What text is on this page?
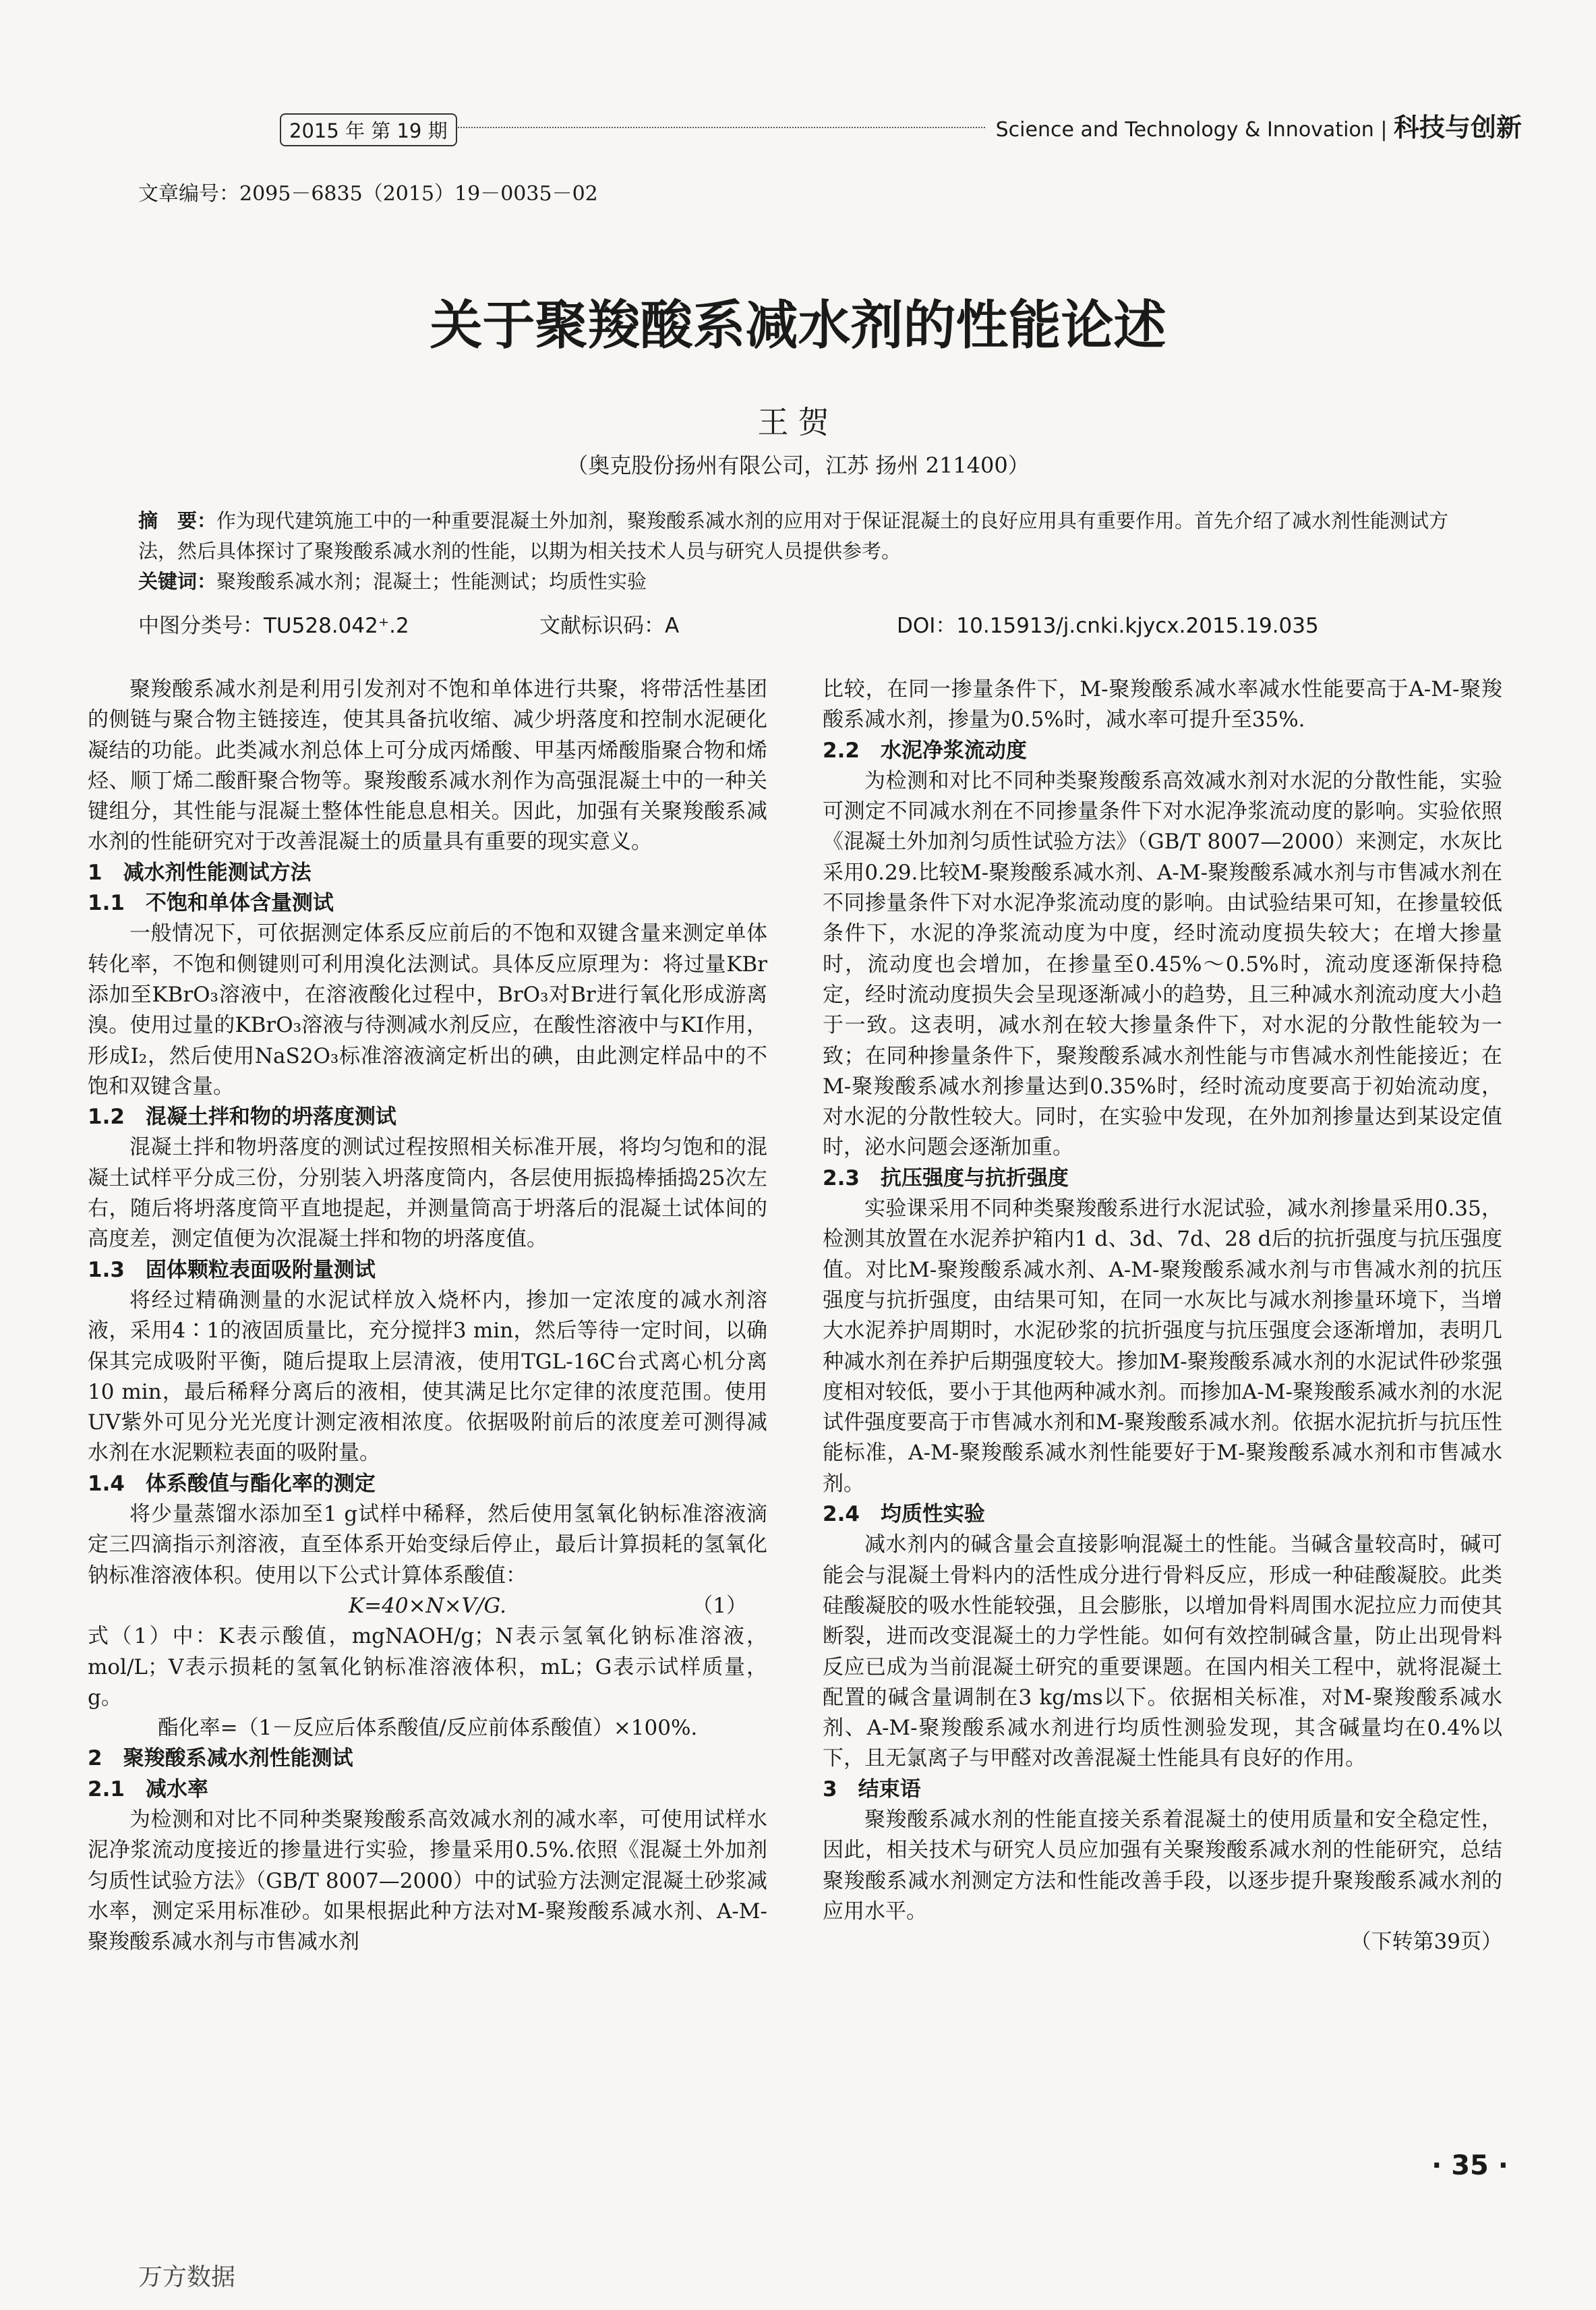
2015 年 第 19 期	Science and Technology & Innovation | 科技与创新
文章编号：2095－6835（2015）19－0035－02
关于聚羧酸系减水剂的性能论述
王贺
（奥克股份扬州有限公司，江苏 扬州 211400）
摘　要：作为现代建筑施工中的一种重要混凝土外加剂，聚羧酸系减水剂的应用对于保证混凝土的良好应用具有重要作用。首先介绍了减水剂性能测试方法，然后具体探讨了聚羧酸系减水剂的性能，以期为相关技术人员与研究人员提供参考。
关键词：聚羧酸系减水剂；混凝土；性能测试；均质性实验
中图分类号：TU528.042⁺.2	文献标识码：A	DOI：10.15913/j.cnki.kjycx.2015.19.035

聚羧酸系减水剂是利用引发剂对不饱和单体进行共聚，将带活性基团的侧链与聚合物主链接连，使其具备抗收缩、减少坍落度和控制水泥硬化凝结的功能。此类减水剂总体上可分成丙烯酸、甲基丙烯酸脂聚合物和烯烃、顺丁烯二酸酐聚合物等。聚羧酸系减水剂作为高强混凝土中的一种关键组分，其性能与混凝土整体性能息息相关。因此，加强有关聚羧酸系减水剂的性能研究对于改善混凝土的质量具有重要的现实意义。

1　减水剂性能测试方法
1.1　不饱和单体含量测试

一般情况下，可依据测定体系反应前后的不饱和双键含量来测定单体转化率，不饱和侧键则可利用溴化法测试。具体反应原理为：将过量KBr添加至KBrO₃溶液中，在溶液酸化过程中，BrO₃对Br进行氧化形成游离溴。使用过量的KBrO₃溶液与待测减水剂反应，在酸性溶液中与KI作用，形成I₂，然后使用NaS2O₃标准溶液滴定析出的碘，由此测定样品中的不饱和双键含量。

1.2　混凝土拌和物的坍落度测试

混凝土拌和物坍落度的测试过程按照相关标准开展，将均匀饱和的混凝土试样平分成三份，分别装入坍落度筒内，各层使用振捣棒插捣25次左右，随后将坍落度筒平直地提起，并测量筒高于坍落后的混凝土试体间的高度差，测定值便为次混凝土拌和物的坍落度值。

1.3　固体颗粒表面吸附量测试

将经过精确测量的水泥试样放入烧杯内，掺加一定浓度的减水剂溶液，采用4∶1的液固质量比，充分搅拌3 min，然后等待一定时间，以确保其完成吸附平衡，随后提取上层清液，使用TGL-16C台式离心机分离10 min，最后稀释分离后的液相，使其满足比尔定律的浓度范围。使用UV紫外可见分光光度计测定液相浓度。依据吸附前后的浓度差可测得减水剂在水泥颗粒表面的吸附量。

1.4　体系酸值与酯化率的测定

将少量蒸馏水添加至1 g试样中稀释，然后使用氢氧化钠标准溶液滴定三四滴指示剂溶液，直至体系开始变绿后停止，最后计算损耗的氢氧化钠标准溶液体积。使用以下公式计算体系酸值：

K=40×N×V/G.	（1）

式（1）中：K表示酸值，mgNAOH/g；N表示氢氧化钠标准溶液，mol/L；V表示损耗的氢氧化钠标准溶液体积，mL；G表示试样质量，g。

酯化率=（1－反应后体系酸值/反应前体系酸值）×100%.

2　聚羧酸系减水剂性能测试
2.1　减水率

为检测和对比不同种类聚羧酸系高效减水剂的减水率，可使用试样水泥净浆流动度接近的掺量进行实验，掺量采用0.5%.依照《混凝土外加剂匀质性试验方法》（GB/T 8007—2000）中的试验方法测定混凝土砂浆减水率，测定采用标准砂。如果根据此种方法对M-聚羧酸系减水剂、A-M-聚羧酸系减水剂与市售减水剂

比较，在同一掺量条件下，M-聚羧酸系减水率减水性能要高于A-M-聚羧酸系减水剂，掺量为0.5%时，减水率可提升至35%.

2.2　水泥净浆流动度

为检测和对比不同种类聚羧酸系高效减水剂对水泥的分散性能，实验可测定不同减水剂在不同掺量条件下对水泥净浆流动度的影响。实验依照《混凝土外加剂匀质性试验方法》（GB/T 8007—2000）来测定，水灰比采用0.29.比较M-聚羧酸系减水剂、A-M-聚羧酸系减水剂与市售减水剂在不同掺量条件下对水泥净浆流动度的影响。由试验结果可知，在掺量较低条件下，水泥的净浆流动度为中度，经时流动度损失较大；在增大掺量时，流动度也会增加，在掺量至0.45%～0.5%时，流动度逐渐保持稳定，经时流动度损失会呈现逐渐减小的趋势，且三种减水剂流动度大小趋于一致。这表明，减水剂在较大掺量条件下，对水泥的分散性能较为一致；在同种掺量条件下，聚羧酸系减水剂性能与市售减水剂性能接近；在M-聚羧酸系减水剂掺量达到0.35%时，经时流动度要高于初始流动度，对水泥的分散性较大。同时，在实验中发现，在外加剂掺量达到某设定值时，泌水问题会逐渐加重。

2.3　抗压强度与抗折强度

实验课采用不同种类聚羧酸系进行水泥试验，减水剂掺量采用0.35，检测其放置在水泥养护箱内1 d、3d、7d、28 d后的抗折强度与抗压强度值。对比M-聚羧酸系减水剂、A-M-聚羧酸系减水剂与市售减水剂的抗压强度与抗折强度，由结果可知，在同一水灰比与减水剂掺量环境下，当增大水泥养护周期时，水泥砂浆的抗折强度与抗压强度会逐渐增加，表明几种减水剂在养护后期强度较大。掺加M-聚羧酸系减水剂的水泥试件砂浆强度相对较低，要小于其他两种减水剂。而掺加A-M-聚羧酸系减水剂的水泥试件强度要高于市售减水剂和M-聚羧酸系减水剂。依据水泥抗折与抗压性能标准，A-M-聚羧酸系减水剂性能要好于M-聚羧酸系减水剂和市售减水剂。

2.4　均质性实验

减水剂内的碱含量会直接影响混凝土的性能。当碱含量较高时，碱可能会与混凝土骨料内的活性成分进行骨料反应，形成一种硅酸凝胶。此类硅酸凝胶的吸水性能较强，且会膨胀，以增加骨料周围水泥拉应力而使其断裂，进而改变混凝土的力学性能。如何有效控制碱含量，防止出现骨料反应已成为当前混凝土研究的重要课题。在国内相关工程中，就将混凝土配置的碱含量调制在3 kg/ms以下。依据相关标准，对M-聚羧酸系减水剂、A-M-聚羧酸系减水剂进行均质性测验发现，其含碱量均在0.4%以下，且无氯离子与甲醛对改善混凝土性能具有良好的作用。

3　结束语

聚羧酸系减水剂的性能直接关系着混凝土的使用质量和安全稳定性，因此，相关技术与研究人员应加强有关聚羧酸系减水剂的性能研究，总结聚羧酸系减水剂测定方法和性能改善手段，以逐步提升聚羧酸系减水剂的应用水平。

（下转第39页）

· 35 ·
万方数据
